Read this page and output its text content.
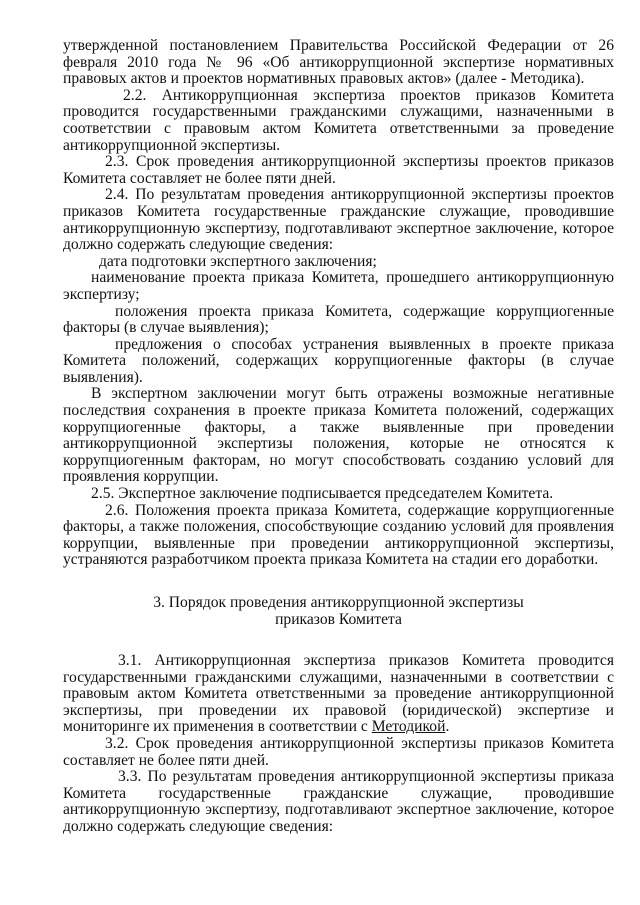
утвержденной постановлением Правительства Российской Федерации от 26 февраля 2010 года № 96 «Об антикоррупционной экспертизе нормативных правовых актов и проектов нормативных правовых актов» (далее - Методика).

2.2. Антикоррупционная экспертиза проектов приказов Комитета проводится государственными гражданскими служащими, назначенными в соответствии с правовым актом Комитета ответственными за проведение антикоррупционной экспертизы.

2.3. Срок проведения антикоррупционной экспертизы проектов приказов Комитета составляет не более пяти дней.

2.4. По результатам проведения антикоррупционной экспертизы проектов приказов Комитета государственные гражданские служащие, проводившие антикоррупционную экспертизу, подготавливают экспертное заключение, которое должно содержать следующие сведения:

дата подготовки экспертного заключения;

наименование проекта приказа Комитета, прошедшего антикоррупционную экспертизу;

положения проекта приказа Комитета, содержащие коррупциогенные факторы (в случае выявления);

предложения о способах устранения выявленных в проекте приказа Комитета положений, содержащих коррупциогенные факторы (в случае выявления).

В экспертном заключении могут быть отражены возможные негативные последствия сохранения в проекте приказа Комитета положений, содержащих коррупциогенные факторы, а также выявленные при проведении антикоррупционной экспертизы положения, которые не относятся к коррупциогенным факторам, но могут способствовать созданию условий для проявления коррупции.

2.5. Экспертное заключение подписывается председателем Комитета.

2.6. Положения проекта приказа Комитета, содержащие коррупциогенные факторы, а также положения, способствующие созданию условий для проявления коррупции, выявленные при проведении антикоррупционной экспертизы, устраняются разработчиком проекта приказа Комитета на стадии его доработки.

3. Порядок проведения антикоррупционной экспертизы
приказов Комитета

3.1. Антикоррупционная экспертиза приказов Комитета проводится государственными гражданскими служащими, назначенными в соответствии с правовым актом Комитета ответственными за проведение антикоррупционной экспертизы, при проведении их правовой (юридической) экспертизе и мониторинге их применения в соответствии с Методикой.

3.2. Срок проведения антикоррупционной экспертизы приказов Комитета составляет не более пяти дней.

3.3. По результатам проведения антикоррупционной экспертизы приказа Комитета государственные гражданские служащие, проводившие антикоррупционную экспертизу, подготавливают экспертное заключение, которое должно содержать следующие сведения:
